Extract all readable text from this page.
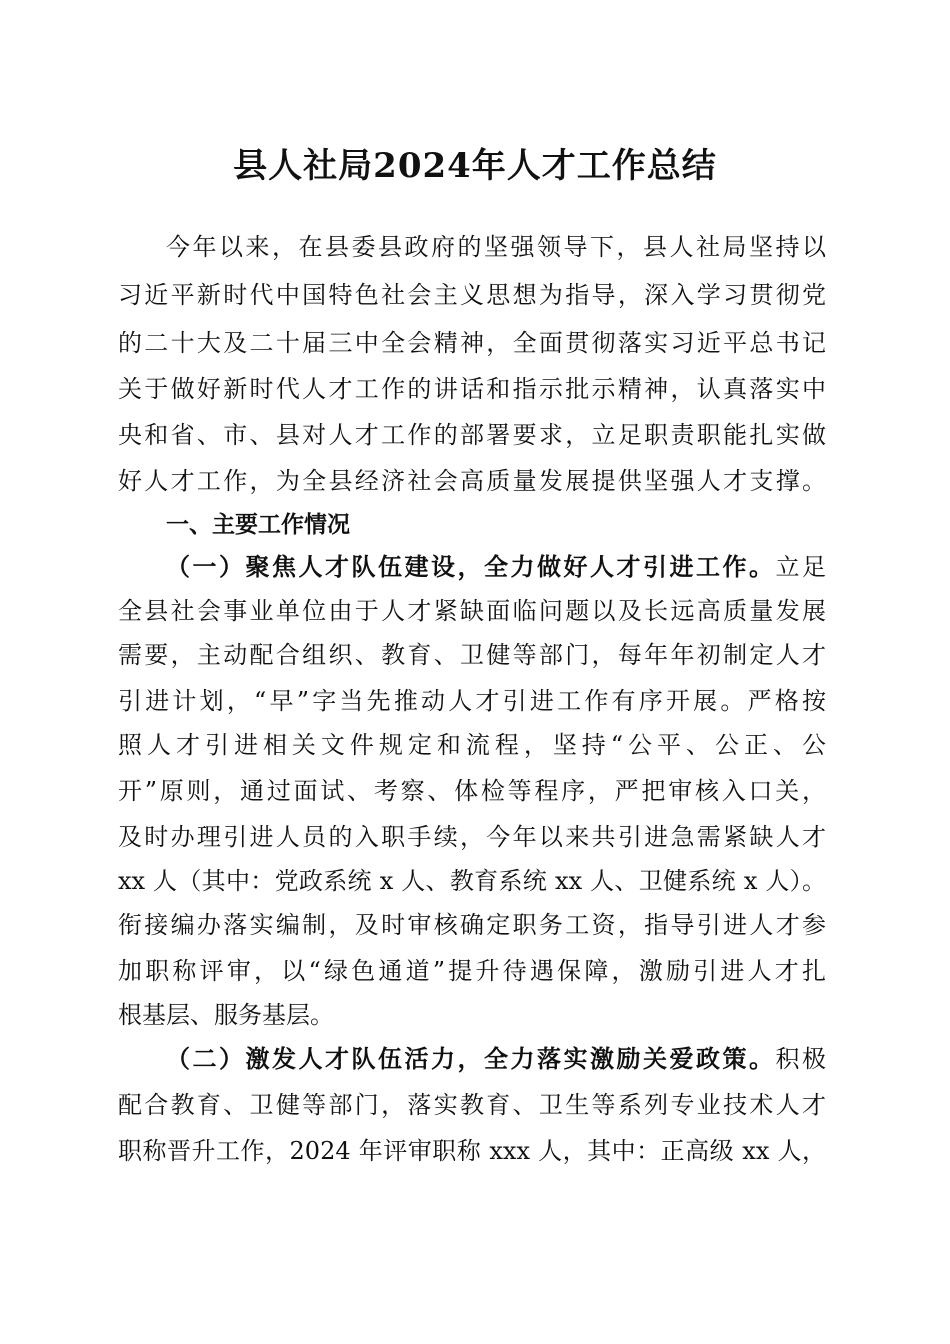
县人社局2024年人才工作总结
今年以来，在县委县政府的坚强领导下，县人社局坚持以
习近平新时代中国特色社会主义思想为指导，深入学习贯彻党
的二十大及二十届三中全会精神，全面贯彻落实习近平总书记
关于做好新时代人才工作的讲话和指示批示精神，认真落实中
央和省、市、县对人才工作的部署要求，立足职责职能扎实做
好人才工作，为全县经济社会高质量发展提供坚强人才支撑。
一、主要工作情况
（一）聚焦人才队伍建设，全力做好人才引进工作。立足
全县社会事业单位由于人才紧缺面临问题以及长远高质量发展
需要，主动配合组织、教育、卫健等部门，每年年初制定人才
引进计划，“早”字当先推动人才引进工作有序开展。严格按
照人才引进相关文件规定和流程，坚持“公平、公正、公
开”原则，通过面试、考察、体检等程序，严把审核入口关，
及时办理引进人员的入职手续，今年以来共引进急需紧缺人才
xx 人（其中：党政系统 x 人、教育系统 xx 人、卫健系统 x 人）。
衔接编办落实编制，及时审核确定职务工资，指导引进人才参
加职称评审，以“绿色通道”提升待遇保障，激励引进人才扎
根基层、服务基层。
（二）激发人才队伍活力，全力落实激励关爱政策。积极
配合教育、卫健等部门，落实教育、卫生等系列专业技术人才
职称晋升工作，2024 年评审职称 xxx 人，其中：正高级 xx 人，
